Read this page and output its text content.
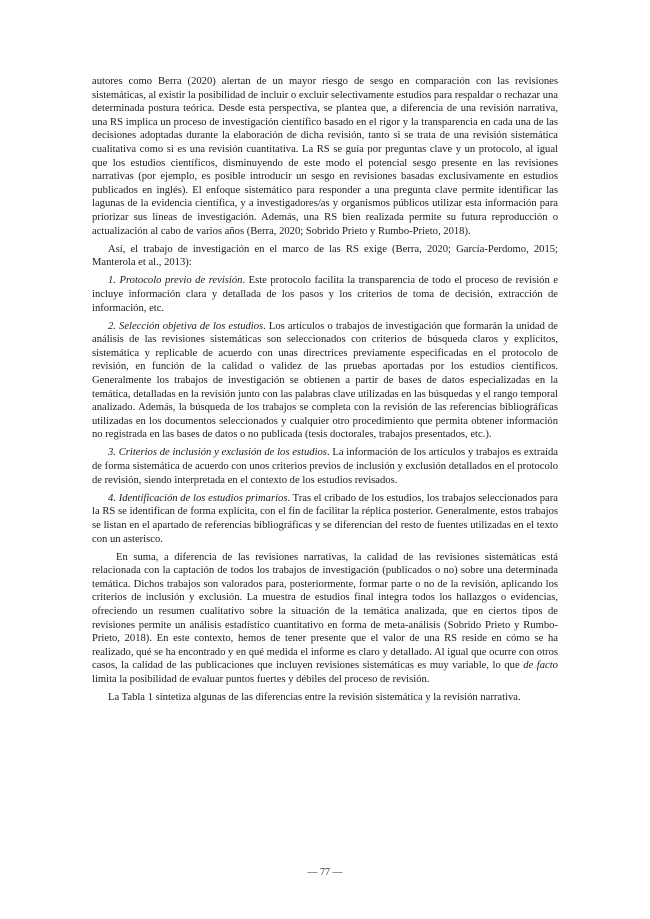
autores como Berra (2020) alertan de un mayor riesgo de sesgo en comparación con las revisiones sistemáticas, al existir la posibilidad de incluir o excluir selectivamente estudios para respaldar o rechazar una determinada postura teórica. Desde esta perspectiva, se plantea que, a diferencia de una revisión narrativa, una RS implica un proceso de investigación científico basado en el rigor y la transparencia en cada una de las decisiones adoptadas durante la elaboración de dicha revisión, tanto si se trata de una revisión sistemática cualitativa como si es una revisión cuantitativa. La RS se guía por preguntas clave y un protocolo, al igual que los estudios científicos, disminuyendo de este modo el potencial sesgo presente en las revisiones narrativas (por ejemplo, es posible introducir un sesgo en revisiones basadas exclusivamente en estudios publicados en inglés). El enfoque sistemático para responder a una pregunta clave permite identificar las lagunas de la evidencia científica, y a investigadores/as y organismos públicos utilizar esta información para priorizar sus líneas de investigación. Además, una RS bien realizada permite su futura reproducción o actualización al cabo de varios años (Berra, 2020; Sobrido Prieto y Rumbo-Prieto, 2018).

Así, el trabajo de investigación en el marco de las RS exige (Berra, 2020; García-Perdomo, 2015; Manterola et al., 2013):

1. Protocolo previo de revisión. Este protocolo facilita la transparencia de todo el proceso de revisión e incluye información clara y detallada de los pasos y los criterios de toma de decisión, extracción de información, etc.

2. Selección objetiva de los estudios. Los artículos o trabajos de investigación que formarán la unidad de análisis de las revisiones sistemáticas son seleccionados con criterios de búsqueda claros y explícitos, sistemática y replicable de acuerdo con unas directrices previamente especificadas en el protocolo de revisión, en función de la calidad o validez de las pruebas aportadas por los estudios científicos. Generalmente los trabajos de investigación se obtienen a partir de bases de datos especializadas en la temática, detalladas en la revisión junto con las palabras clave utilizadas en las búsquedas y el rango temporal analizado. Además, la búsqueda de los trabajos se completa con la revisión de las referencias bibliográficas utilizadas en los documentos seleccionados y cualquier otro procedimiento que permita obtener información no registrada en las bases de datos o no publicada (tesis doctorales, trabajos presentados, etc.).

3. Criterios de inclusión y exclusión de los estudios. La información de los artículos y trabajos es extraída de forma sistemática de acuerdo con unos criterios previos de inclusión y exclusión detallados en el protocolo de revisión, siendo interpretada en el contexto de los estudios revisados.

4. Identificación de los estudios primarios. Tras el cribado de los estudios, los trabajos seleccionados para la RS se identifican de forma explícita, con el fin de facilitar la réplica posterior. Generalmente, estos trabajos se listan en el apartado de referencias bibliográficas y se diferencian del resto de fuentes utilizadas en el texto con un asterisco.

En suma, a diferencia de las revisiones narrativas, la calidad de las revisiones sistemáticas está relacionada con la captación de todos los trabajos de investigación (publicados o no) sobre una determinada temática. Dichos trabajos son valorados para, posteriormente, formar parte o no de la revisión, aplicando los criterios de inclusión y exclusión. La muestra de estudios final integra todos los hallazgos o evidencias, ofreciendo un resumen cualitativo sobre la situación de la temática analizada, que en ciertos tipos de revisiones permite un análisis estadístico cuantitativo en forma de meta-análisis (Sobrido Prieto y Rumbo-Prieto, 2018). En este contexto, hemos de tener presente que el valor de una RS reside en cómo se ha realizado, qué se ha encontrado y en qué medida el informe es claro y detallado. Al igual que ocurre con otros casos, la calidad de las publicaciones que incluyen revisiones sistemáticas es muy variable, lo que de facto limita la posibilidad de evaluar puntos fuertes y débiles del proceso de revisión.

La Tabla 1 sintetiza algunas de las diferencias entre la revisión sistemática y la revisión narrativa.

— 77 —
